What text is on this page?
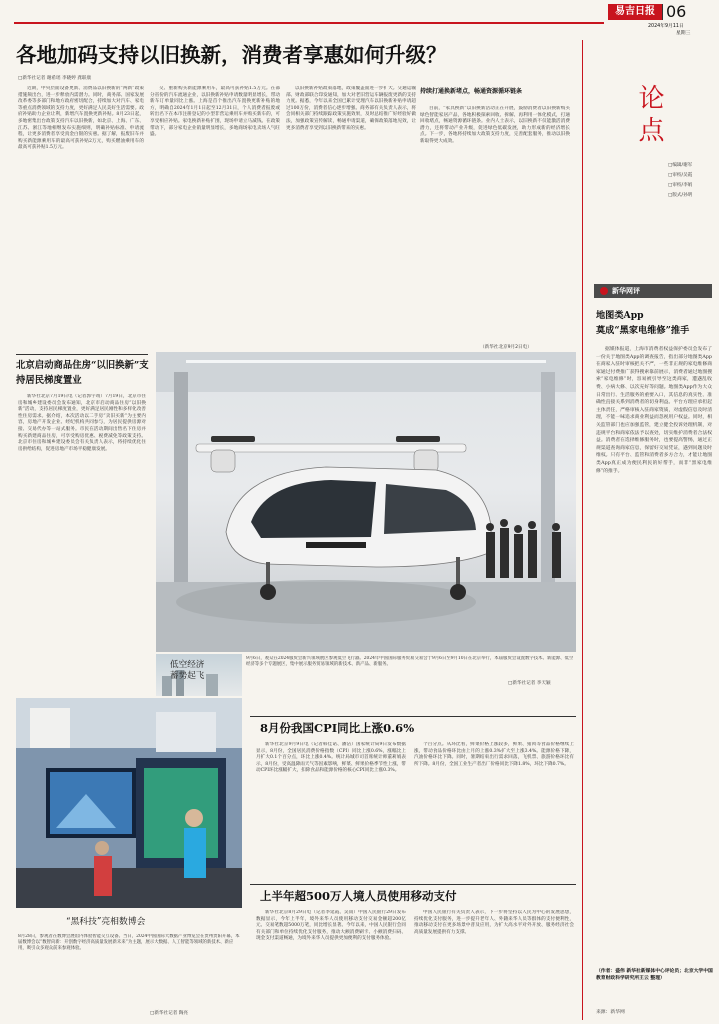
易吉日报 06
2024年9月11日
星期三
各地加码支持以旧换新，消费者享惠如何升级？
□新华社记者 谢希瑶 李晓婷 龚联康
近期，中央层面设备更新、消费品以旧换新的“两新”政策措施频出台，进一步释放内需潜力。同时，商务部、国家发展改革委等多部门和地方政府密切配合，持续加大对汽车、家电等重点消费领域的支持力度，更好满足人民美好生活需要。政府补贴助力企业让利，新增汽车置换更新补贴。8月23日起，多地密集出台政策支持汽车以旧换新，如北京、上海、广东、江苏、浙江等地相继发布实施细则，明确补贴标准、申请流程，让更多消费者享受真金白银的实惠。据了解，报废旧车并购买新能源乘用车的最高可获补贴2万元，购买燃油乘用车的最高可获补贴1.5万元。
交、重新购买新能源乘用车，最高可获补贴1.5万元。在部分省份的汽车流通企业，以旧换新补贴申请数量明显增长，带动新车订单量同比上涨。上海是首个推出汽车置换更新补贴的地方，明确自2024年1月1日起至12月31日，个人消费者报废或转出名下在本市注册登记的小型非营运乘用车并购买新车的，可享受相应补贴。家电换新补贴扩围，现场申请立马减钱。在政策带动下，部分家电企业销量明显增长，多地商场家电卖场人气旺盛。
以旧换新补贴政策落地，政策覆盖面进一步扩大。交通运输部、财政部联合印发通知，加大对老旧营运车辆报废更新的支持力度。据悉，今年以来全国已累计受理汽车以旧换新补贴申请超过100万份，消费者信心逐步增强。商务部有关负责人表示，将会同相关部门持续跟踪政策实施效果，及时总结推广好经验好做法，加强政策宣传解读，畅通申请渠道，确保政策落地见效，让更多消费者享受到以旧换新带来的实惠。
持续打通换新堵点，畅通资源循环链条
目前，“家具换新”以旧换新活动正在开展，鼓励消费者以旧换新购买绿色智能家居产品，各地积极探索回收、拆解、再利用一体化模式，打通回收堵点，畅通资源循环链条。业内人士表示，以旧换新不仅能激活消费潜力，还将带动产业升级，促进绿色低碳发展，助力形成新的经济增长点。下一步，各地将持续加大政策支持力度，完善配套服务，推动以旧换新取得更大成效。
（新华社北京9月2日电）
北京启动商品住房“以旧换新”支持居民梯度置业
新华社北京7月19日电（记者郭宇靖）7月19日，北京市住房和城乡建设委员会发布通知，北京市启动商品住房“以旧换新”活动，支持居民梯度置业，更好满足居民刚性和多样化改善性住房需求。据介绍，本次活动以二手房“卖旧买新”为主要内容，房地产开发企业、经纪机构共同参与，为居民提供房源对接、交易代办等一站式服务。市民在活动期间出售名下住房并购买新建商品住房，可享受购房优惠、税费减免等政策支持。北京市住房和城乡建设委员会有关负责人表示，将持续优化住房供给结构，促进房地产市场平稳健康发展。
9月6日，观众在2024服贸会新兴领域展区参观低空飞行器。2024年中国国际服务贸易交易会于9月6日至9月10日在北京举行，本届服贸会设置数字技术、新能源、低空经济等多个专题展区，集中展示服务贸易领域的新技术、新产品、新服务。
□新华社记者 李天颖
低空经济
蓄势起飞
“黑科技”亮相数博会
8月28日，参观者在数博会展馆内体验智能交互设备。当日，2024中国国际大数据产业博览会在贵州贵阳开幕，本届数博会以“数智向新：开创数字经济高质量发展新未来”为主题，展示大数据、人工智能等领域的新技术、新应用，吸引众多观众前来参观体验。
□新华社记者 陶亮
8月份我国CPI同比上涨0.6%
新华社北京9月9日电（记者韩佳诺、潘洁）国家统计局9日发布数据显示，8月份，全国居民消费价格指数（CPI）同比上涨0.6%，涨幅比上月扩大0.1个百分点，环比上涨0.4%。统计局城市司首席统计师董莉娟表示，8月份，受高温降雨天气等因素影响，鲜菜、鲜果价格季节性上涨，带动CPI环比涨幅扩大，扣除食品和能源价格的核心CPI同比上涨0.3%。
个百分点。从环比看，鲜菜价格上涨较多，鲜果、猪肉等食品价格继续上涨，带动食品价格环比由上月的上涨0.3%扩大至上涨3.4%。能源价格下降，汽油价格环比下降。同时，暑期结束出行需求回落，飞机票、旅游价格环比有所下降。8月份，全国工业生产者出厂价格同比下降1.8%，环比下降0.7%。
上半年超500万人境人员使用移动支付
新华社北京8月29日电（记者李延霞、吴雨）中国人民银行29日发布数据显示，今年上半年，境外来华人员使用移动支付交易金额超200亿元、交易笔数超5000万笔，同比增长显著。今年以来，中国人民银行会同有关部门和单位持续优化支付服务，推动大额消费刷卡、小额消费扫码、现金支付渠道畅通，为境外来华人员提供更加便利的支付服务体验。
中国人民银行有关负责人表示，下一步将坚持以人民为中心的发展思想，持续优化支付服务，进一步提升老年人、外籍来华人员等群体的支付便利性，推动移动支付在更多场景中普及应用，为扩大高水平对外开放、服务经济社会高质量发展提供有力支撑。
论点
□编辑/谢军
□审校/吴霞
□审校/李娟
□版式/孙明
新华网评
地图类App
莫成“黑家电维修”推手
据媒体报道，上海市消费者权益保护委员会发布了一份关于地图类App的调查报告，指出部分地图类App在商家入驻时审核把关不严，一些非正规的家电维修商家通过付费推广获得搜索靠前展示，消费者通过地图搜索“家电维修”时，容易被引导至这类商家，遭遇乱收费、小病大修、以次充好等问题。地图类App作为大众日常出行、生活服务的重要入口，其信息的真实性、准确性直接关系到消费者的切身利益。平台方理应承担起主体责任，严格审核入驻商家资质，对虚假信息及时清理，不能一味追求商业利益而忽视用户权益。同时，相关监管部门也应加强监管，建立健全投诉处理机制，对违规平台和商家依法予以查处，切实维护消费者合法权益。消费者在选择维修服务时，也要提高警惕，通过正规渠道查询商家信息，保留好交易凭证，遇到问题及时维权。只有平台、监管和消费者多方合力，才能让地图类App真正成为便民利民的好帮手，而非“黑家电维修”的推手。
（作者：盛伟 新华社新媒体中心评论员；北京大学中国教育财政科学研究所王云 整理）
来源：新华网
